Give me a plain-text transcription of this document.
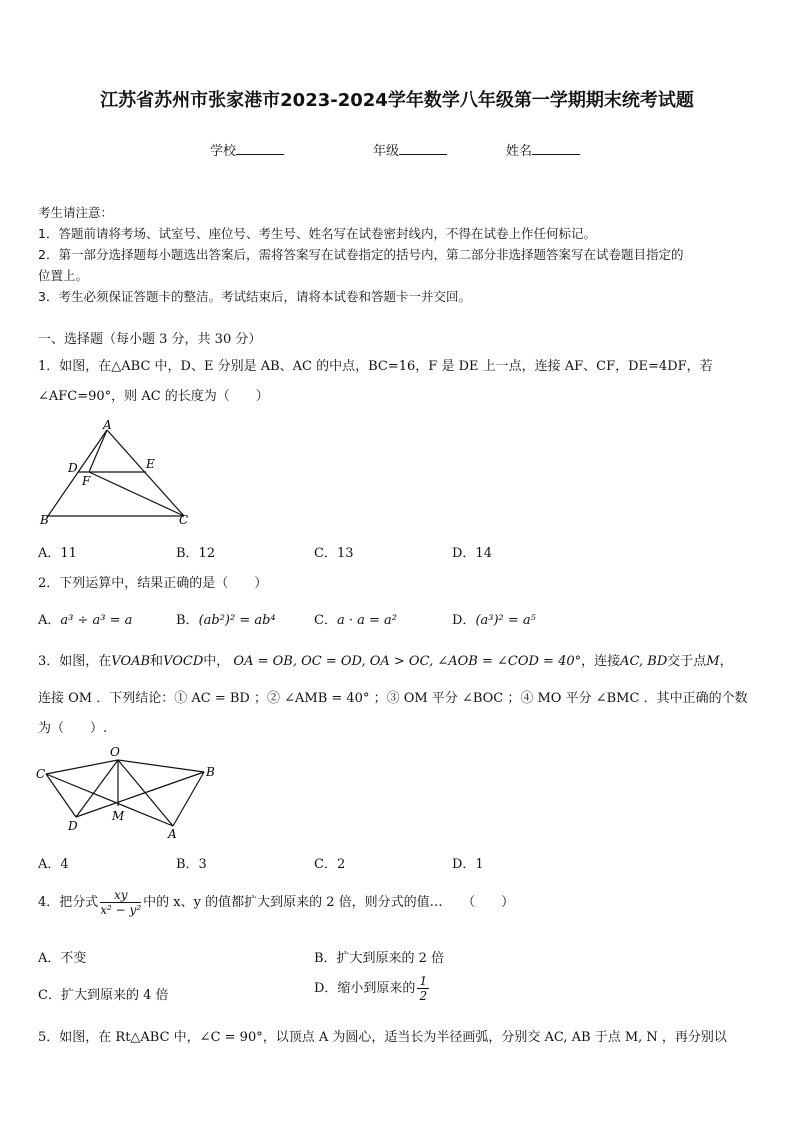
江苏省苏州市张家港市2023-2024学年数学八年级第一学期期末统考试题
学校	年级	姓名
考生请注意：
1．答题前请将考场、试室号、座位号、考生号、姓名写在试卷密封线内，不得在试卷上作任何标记。
2．第一部分选择题每小题选出答案后，需将答案写在试卷指定的括号内，第二部分非选择题答案写在试卷题目指定的
位置上。
3．考生必须保证答题卡的整洁。考试结束后，请将本试卷和答题卡一并交回。
一、选择题（每小题 3 分，共 30 分）
1．如图，在△ABC 中，D、E 分别是 AB、AC 的中点，BC=16，F 是 DE 上一点，连接 AF、CF，DE=4DF，若
∠AFC=90°，则 AC 的长度为（　　）
A
D
F
E
B	C
A．11	B．12	C．13	D．14
2．下列运算中，结果正确的是（　　）
A．a³ ÷ a³ = a	B．(ab²)² = ab⁴	C．a · a = a²	D．(a³)² = a⁵
3．如图，在VOAB和VOCD中， OA = OB, OC = OD, OA > OC, ∠AOB = ∠COD = 40°，连接AC, BD交于点M，
连接 OM ．下列结论：① AC = BD ；② ∠AMB = 40° ；③ OM 平分 ∠BOC ；④ MO 平分 ∠BMC ．其中正确的个数
为（　　）.
O
C	B
D
M
A
A．4	B．3	C．2	D．1
4．把分式 $\frac{xy}{\text{x² − y²}}$ 中的 x、y 的值都扩大到原来的 2 倍，则分式的值…　　（　　）
A．不变	B．扩大到原来的 2 倍
C．扩大到原来的 4 倍	D．缩小到原来的 $\frac{1}{2}$
5．如图，在 Rt△ABC 中，∠C = 90°，以顶点 A 为圆心，适当长为半径画弧，分别交 AC, AB 于点 M, N ，再分别以
